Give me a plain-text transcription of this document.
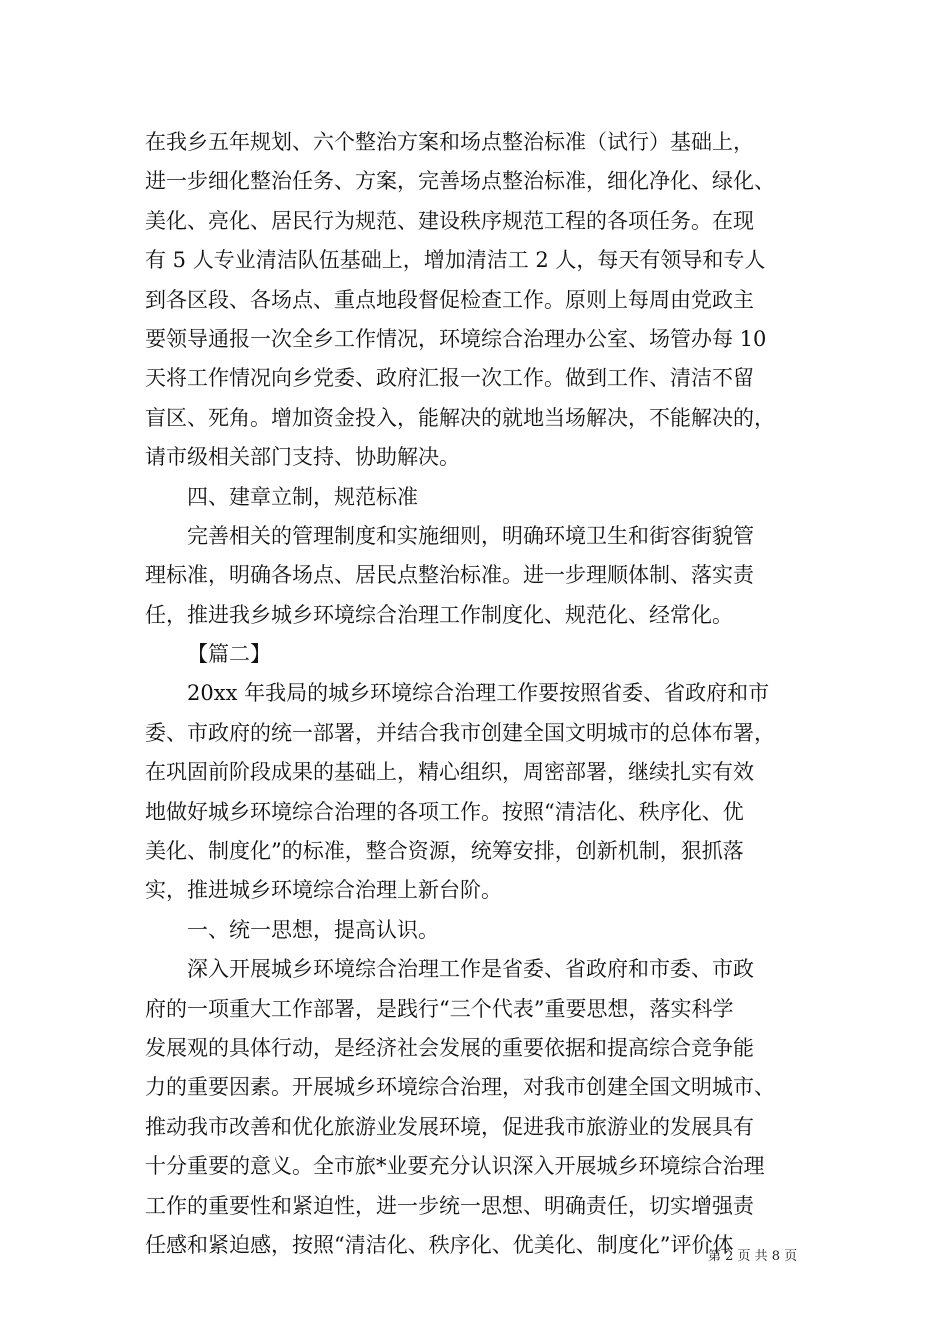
在我乡五年规划、六个整治方案和场点整治标准（试行）基础上，
进一步细化整治任务、方案，完善场点整治标准，细化净化、绿化、
美化、亮化、居民行为规范、建设秩序规范工程的各项任务。在现
有 5 人专业清洁队伍基础上，增加清洁工 2 人，每天有领导和专人
到各区段、各场点、重点地段督促检查工作。原则上每周由党政主
要领导通报一次全乡工作情况，环境综合治理办公室、场管办每 10
天将工作情况向乡党委、政府汇报一次工作。做到工作、清洁不留
盲区、死角。增加资金投入，能解决的就地当场解决，不能解决的，
请市级相关部门支持、协助解决。
四、建章立制，规范标准
完善相关的管理制度和实施细则，明确环境卫生和街容街貌管
理标准，明确各场点、居民点整治标准。进一步理顺体制、落实责
任，推进我乡城乡环境综合治理工作制度化、规范化、经常化。
【篇二】
20xx 年我局的城乡环境综合治理工作要按照省委、省政府和市
委、市政府的统一部署，并结合我市创建全国文明城市的总体布署，
在巩固前阶段成果的基础上，精心组织，周密部署，继续扎实有效
地做好城乡环境综合治理的各项工作。按照“清洁化、秩序化、优
美化、制度化”的标准，整合资源，统筹安排，创新机制，狠抓落
实，推进城乡环境综合治理上新台阶。
一、统一思想，提高认识。
深入开展城乡环境综合治理工作是省委、省政府和市委、市政
府的一项重大工作部署，是践行“三个代表”重要思想，落实科学
发展观的具体行动，是经济社会发展的重要依据和提高综合竞争能
力的重要因素。开展城乡环境综合治理，对我市创建全国文明城市、
推动我市改善和优化旅游业发展环境，促进我市旅游业的发展具有
十分重要的意义。全市旅*业要充分认识深入开展城乡环境综合治理
工作的重要性和紧迫性，进一步统一思想、明确责任，切实增强责
任感和紧迫感，按照“清洁化、秩序化、优美化、制度化”评价体
第 2 页 共 8 页
